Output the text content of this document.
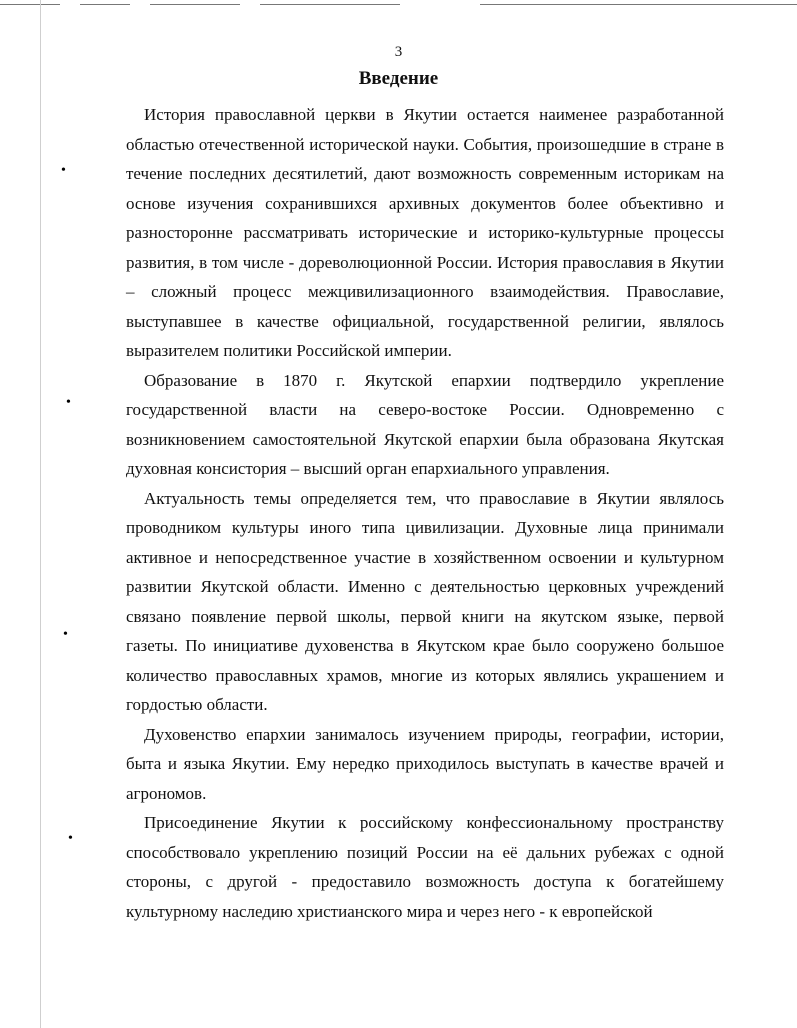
•
•
•
•
3
Введение

История православной церкви в Якутии остается наименее разработанной областью отечественной исторической науки. События, произошедшие в стране в течение последних десятилетий, дают возможность современным историкам на основе изучения сохранившихся архивных документов более объективно и разносторонне рассматривать исторические и историко-культурные процессы развития, в том числе - дореволюционной России. История православия в Якутии – сложный процесс межцивилизационного взаимодействия. Православие, выступавшее в качестве официальной, государственной религии, являлось выразителем политики Российской империи.

Образование в 1870 г. Якутской епархии подтвердило укрепление государственной власти на северо-востоке России. Одновременно с возникновением самостоятельной Якутской епархии была образована Якутская духовная консистория – высший орган епархиального управления.

Актуальность темы определяется тем, что православие в Якутии являлось проводником культуры иного типа цивилизации. Духовные лица принимали активное и непосредственное участие в хозяйственном освоении и культурном развитии Якутской области. Именно с деятельностью церковных учреждений связано появление первой школы, первой книги на якутском языке, первой газеты. По инициативе духовенства в Якутском крае было сооружено большое количество православных храмов, многие из которых являлись украшением и гордостью области.

Духовенство епархии занималось изучением природы, географии, истории, быта и языка Якутии. Ему нередко приходилось выступать в качестве врачей и агрономов.

Присоединение Якутии к российскому конфессиональному пространству способствовало укреплению позиций России на её дальних рубежах с одной стороны, с другой - предоставило возможность доступа к богатейшему культурному наследию христианского мира и через него - к европейской
